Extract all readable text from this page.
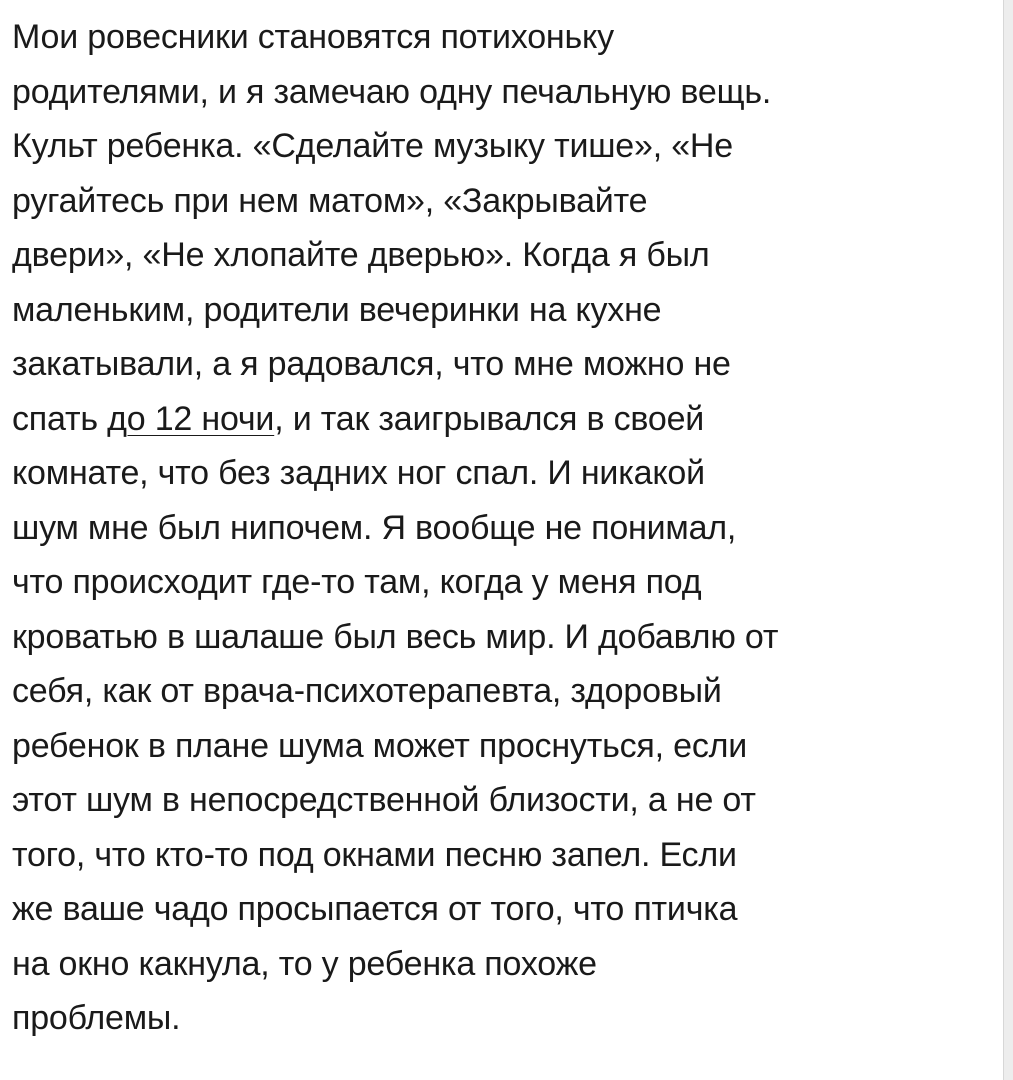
Мои ровесники становятся потихоньку
родителями, и я замечаю одну печальную вещь.
Культ ребенка. «Сделайте музыку тише», «Не
ругайтесь при нем матом», «Закрывайте
двери», «Не хлопайте дверью». Когда я был
маленьким, родители вечеринки на кухне
закатывали, а я радовался, что мне можно не
спать до 12 ночи, и так заигрывался в своей
комнате, что без задних ног спал. И никакой
шум мне был нипочем. Я вообще не понимал,
что происходит где-то там, когда у меня под
кроватью в шалаше был весь мир. И добавлю от
себя, как от врача-психотерапевта, здоровый
ребенок в плане шума может проснуться, если
этот шум в непосредственной близости, а не от
того, что кто-то под окнами песню запел. Если
же ваше чадо просыпается от того, что птичка
на окно какнула, то у ребенка похоже
проблемы.
